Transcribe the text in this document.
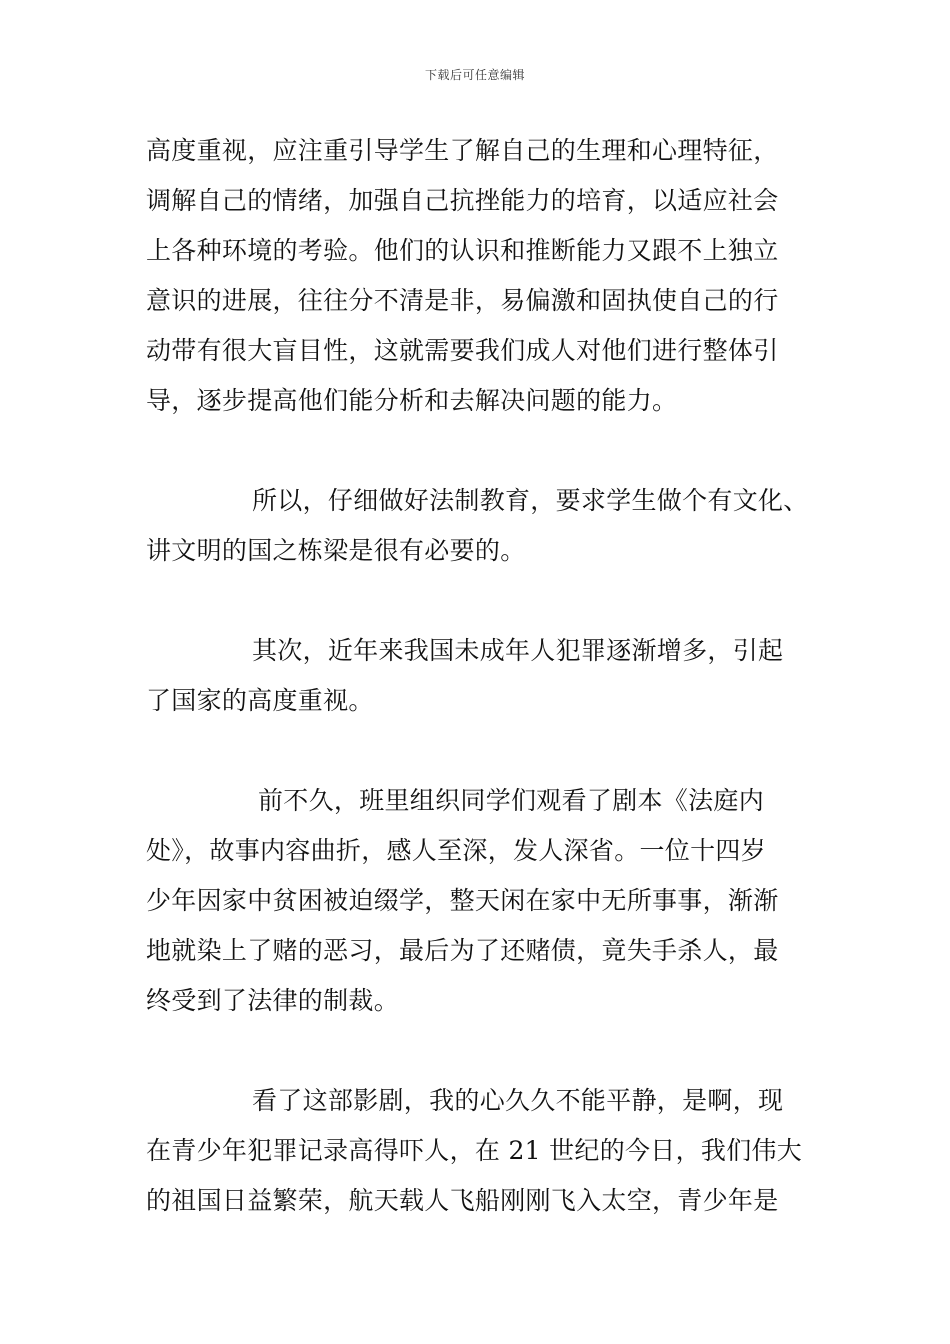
下载后可任意编辑
高度重视，应注重引导学生了解自己的生理和心理特征，
调解自己的情绪，加强自己抗挫能力的培育，以适应社会
上各种环境的考验。他们的认识和推断能力又跟不上独立
意识的进展，往往分不清是非，易偏激和固执使自己的行
动带有很大盲目性，这就需要我们成人对他们进行整体引
导，逐步提高他们能分析和去解决问题的能力。
所以，仔细做好法制教育，要求学生做个有文化、
讲文明的国之栋梁是很有必要的。
其次，近年来我国未成年人犯罪逐渐增多，引起
了国家的高度重视。
前不久，班里组织同学们观看了剧本《法庭内
处》，故事内容曲折，感人至深，发人深省。一位十四岁
少年因家中贫困被迫缀学，整天闲在家中无所事事，渐渐
地就染上了赌的恶习，最后为了还赌债，竟失手杀人，最
终受到了法律的制裁。
看了这部影剧，我的心久久不能平静，是啊，现
在青少年犯罪记录高得吓人，在 21 世纪的今日，我们伟大
的祖国日益繁荣，航天载人飞船刚刚飞入太空，青少年是
